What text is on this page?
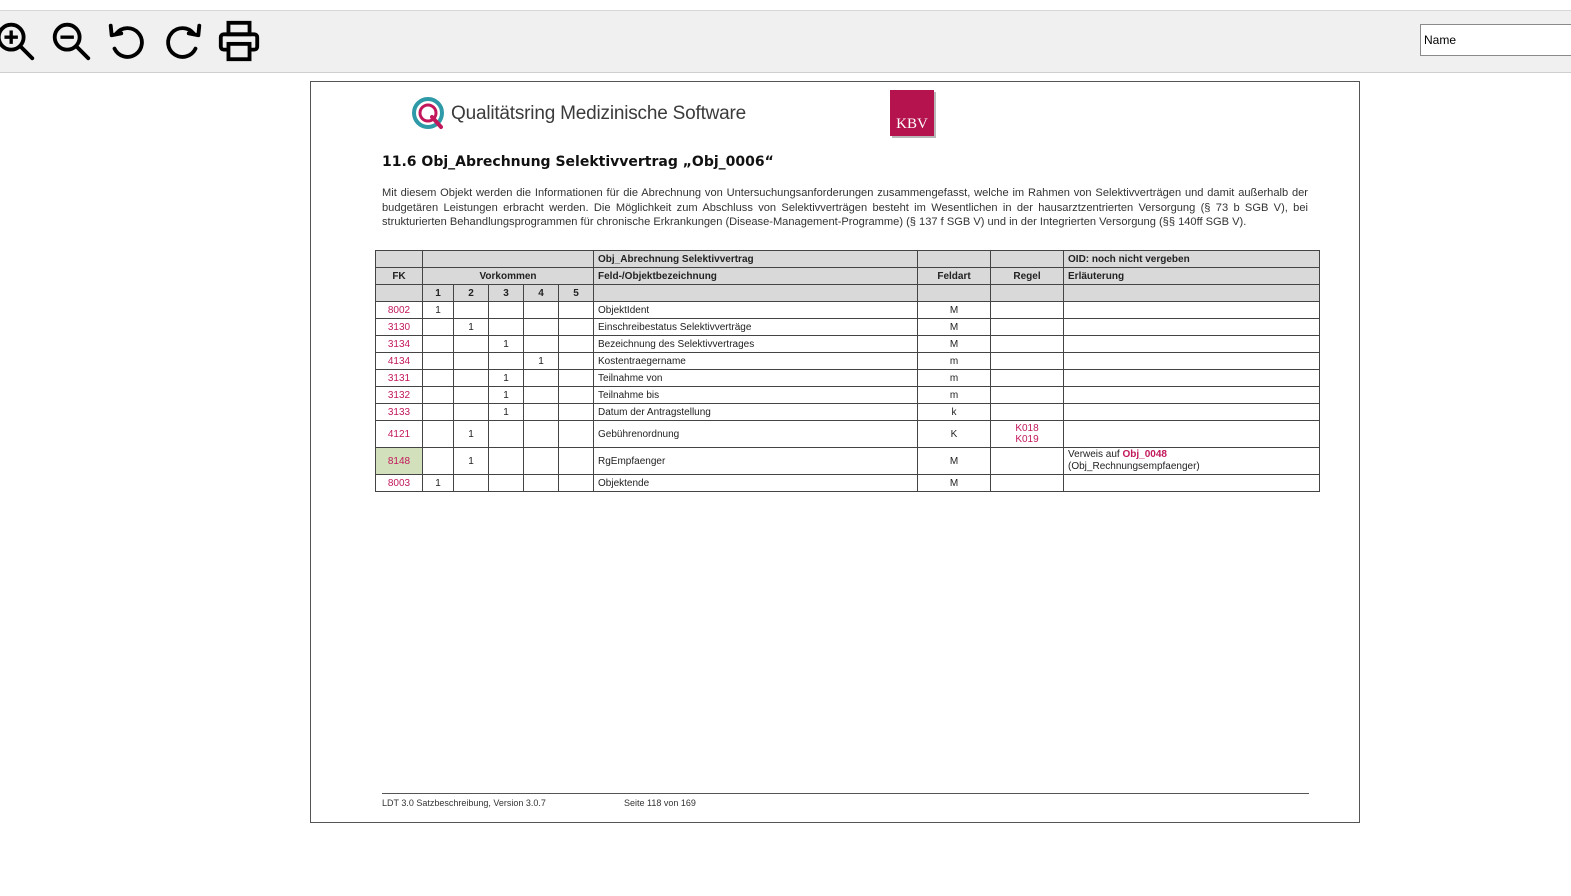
Name
Qualitätsring Medizinische Software	KBV
11.6 Obj_Abrechnung Selektivvertrag „Obj_0006“
Mit diesem Objekt werden die Informationen für die Abrechnung von Untersuchungsanforderungen zusammengefasst, welche im Rahmen von Selektivverträgen und damit außerhalb der budgetären Leistungen erbracht werden. Die Möglichkeit zum Abschluss von Selektivverträgen besteht im Wesentlichen in der hausarztzentrierten Versorgung (§ 73 b SGB V), bei strukturierten Behandlungsprogrammen für chronische Erkrankungen (Disease-Management-Programme) (§ 137 f SGB V) und in der Integrierten Versorgung (§§ 140ff SGB V).
						Obj_Abrechnung Selektivvertrag			OID: noch nicht vergeben
FK	Vorkommen					Feld-/Objektbezeichnung	Feldart	Regel	Erläuterung
	1	2	3	4	5				
8002	1					ObjektIdent	M		
3130		1				Einschreibestatus Selektivverträge	M		
3134			1			Bezeichnung des Selektivvertrages	M		
4134				1		Kostentraegername	m		
3131			1			Teilnahme von	m		
3132			1			Teilnahme bis	m		
3133			1			Datum der Antragstellung	k		
4121		1				Gebührenordnung	K	K018
K019	

8148		1				RgEmpfaenger	M		Verweis auf Obj_0048
(Obj_Rechnungsempfaenger)
8003	1					Objektende	M		
LDT 3.0 Satzbeschreibung, Version 3.0.7	Seite 118 von 169
